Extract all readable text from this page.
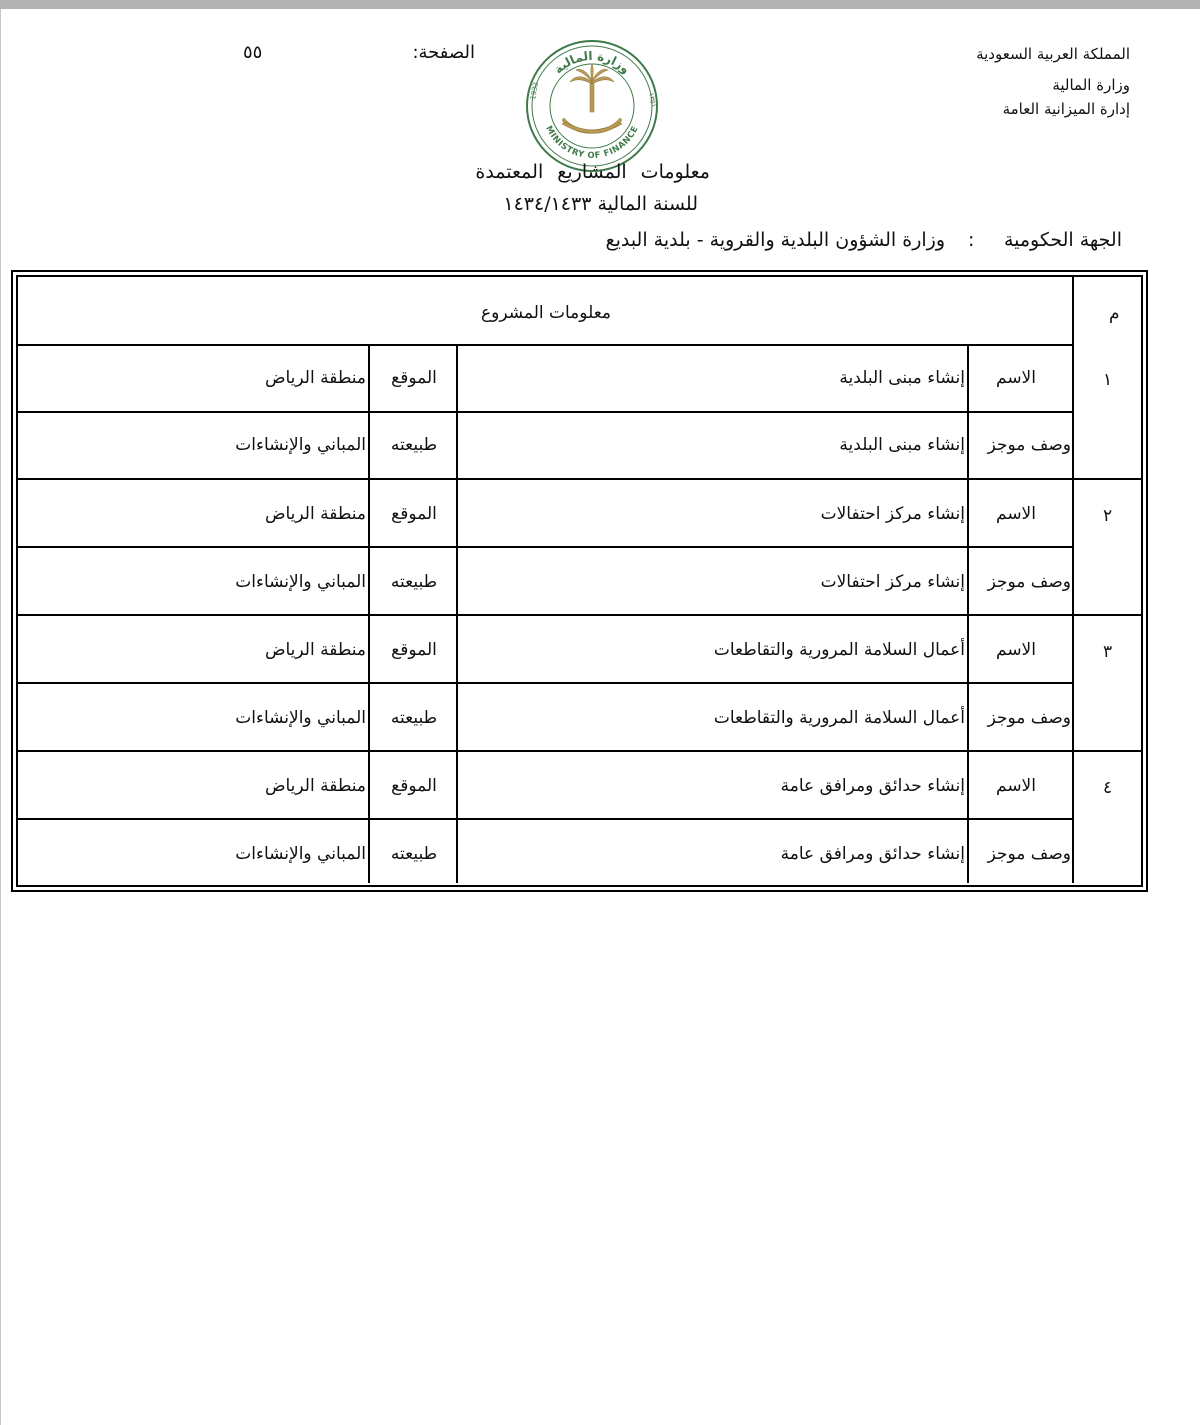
المملكة العربية السعودية
وزارة المالية
إدارة الميزانية العامة
الصفحة:
٥٥
وزارة المالية
MINISTRY OF FINANCE
1932	١٣٥١
معلومات المشاريع المعتمدة
للسنة المالية ١٤٣٤/١٤٣٣
الجهة الحكومية
:
وزارة الشؤون البلدية والقروية - بلدية البديع
م
معلومات المشروع
١
الاسم
إنشاء مبنى البلدية
الموقع
منطقة الرياض
وصف موجز
إنشاء مبنى البلدية
طبيعته
المباني والإنشاءات
٢
الاسم
إنشاء مركز احتفالات
الموقع
منطقة الرياض
وصف موجز
إنشاء مركز احتفالات
طبيعته
المباني والإنشاءات
٣
الاسم
أعمال السلامة المرورية والتقاطعات
الموقع
منطقة الرياض
وصف موجز
أعمال السلامة المرورية والتقاطعات
طبيعته
المباني والإنشاءات
٤
الاسم
إنشاء حدائق ومرافق عامة
الموقع
منطقة الرياض
وصف موجز
إنشاء حدائق ومرافق عامة
طبيعته
المباني والإنشاءات
